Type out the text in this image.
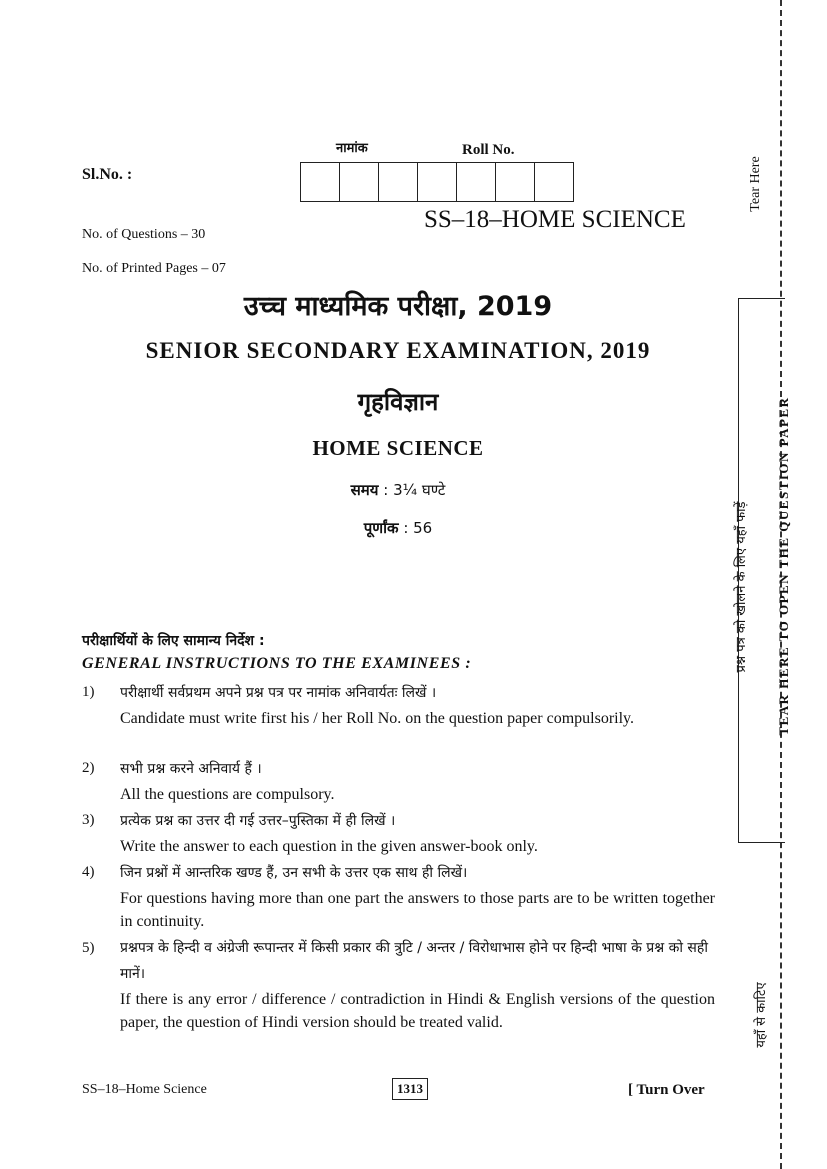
Sl.No. :
नामांक	Roll No.
SS–18–HOME SCIENCE
No. of Questions – 30
No. of Printed Pages – 07
उच्च माध्यमिक परीक्षा, 2019
SENIOR SECONDARY EXAMINATION, 2019
गृहविज्ञान
HOME SCIENCE
समय : 3¼ घण्टे
पूर्णांक : 56
परीक्षार्थियों के लिए सामान्य निर्देश :
GENERAL INSTRUCTIONS TO THE EXAMINEES :
1) परीक्षार्थी सर्वप्रथम अपने प्रश्न पत्र पर नामांक अनिवार्यतः लिखें ।
Candidate must write first his / her Roll No. on the question paper compulsorily.
2) सभी प्रश्न करने अनिवार्य हैं ।
All the questions are compulsory.
3) प्रत्येक प्रश्न का उत्तर दी गई उत्तर–पुस्तिका में ही लिखें ।
Write the answer to each question in the given answer-book only.
4) जिन प्रश्नों में आन्तरिक खण्ड हैं, उन सभी के उत्तर एक साथ ही लिखें।
For questions having more than one part the answers to those parts are to be written together in continuity.
5) प्रश्नपत्र के हिन्दी व अंग्रेजी रूपान्तर में किसी प्रकार की त्रुटि / अन्तर / विरोधाभास होने पर हिन्दी भाषा के प्रश्न को सही मानें।
If there is any error / difference / contradiction in Hindi & English versions of the question paper, the question of Hindi version should be treated valid.
SS–18–Home Science	1313	[ Turn Over
Tear Here
प्रश्न पत्र को खोलने के लिए यहाँ फाड़ें TEAR HERE TO OPEN THE QUESTION PAPER
यहाँ से काटिए
